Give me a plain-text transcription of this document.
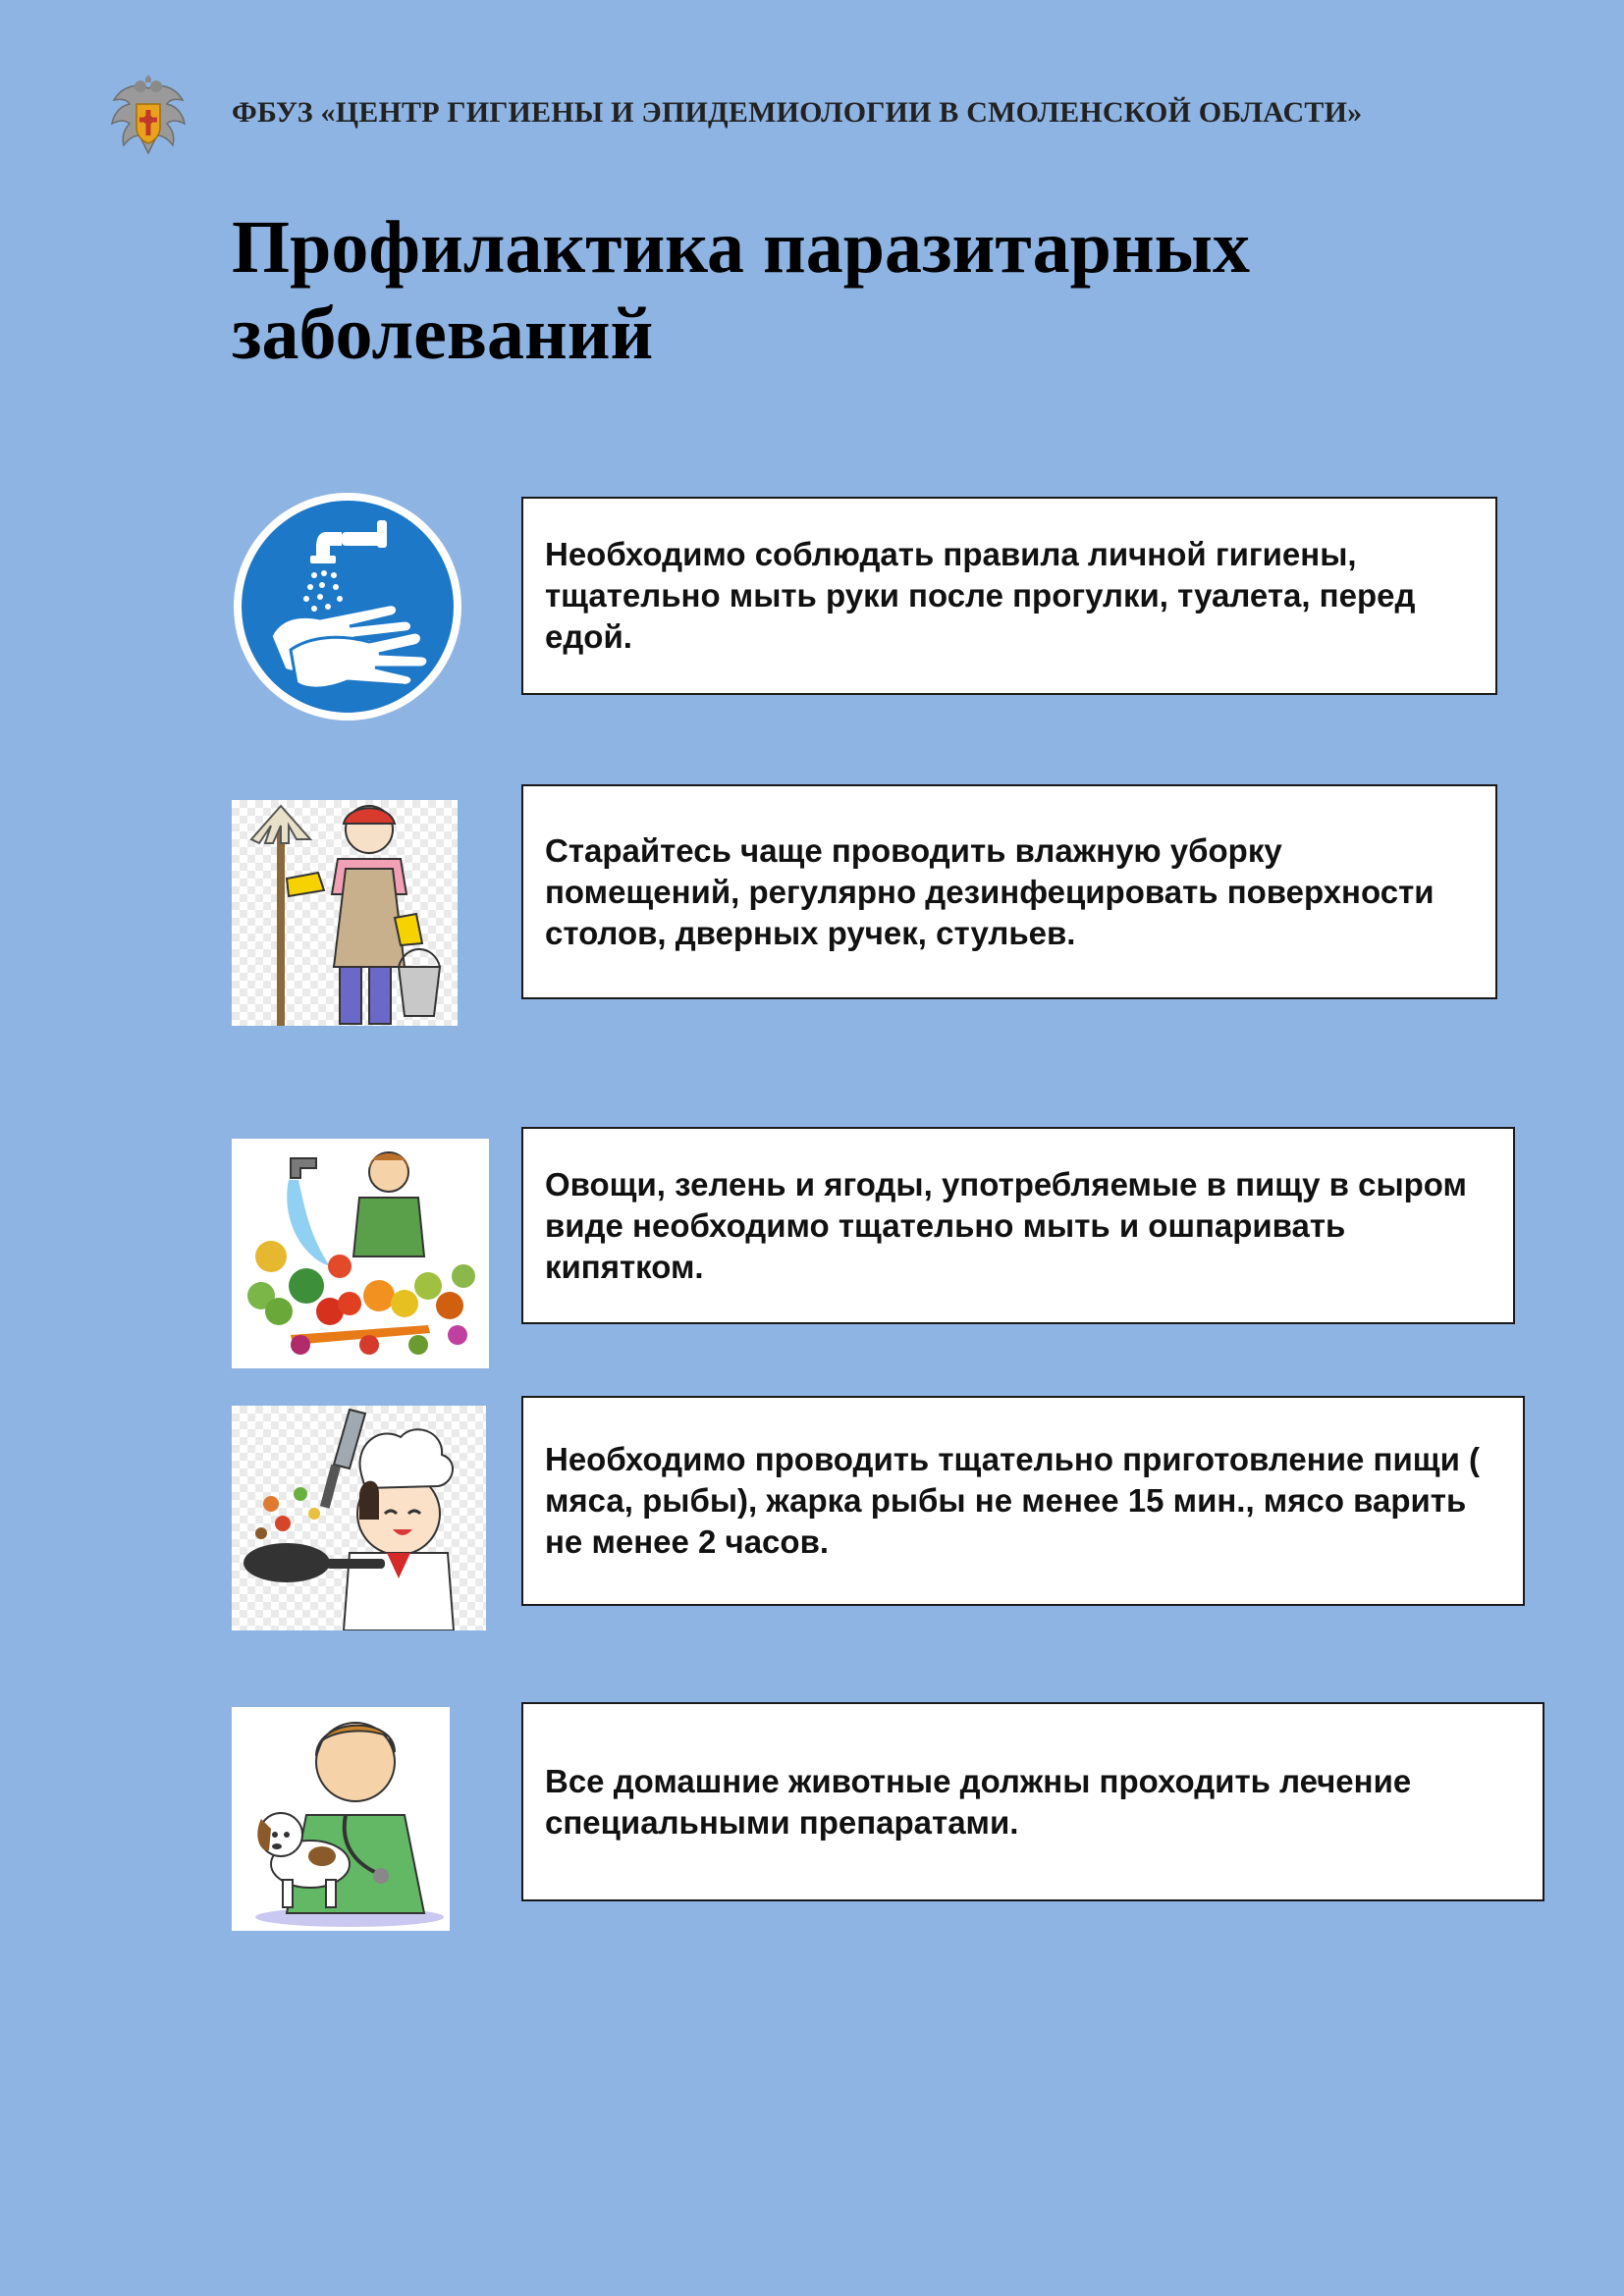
ФБУЗ «ЦЕНТР ГИГИЕНЫ И ЭПИДЕМИОЛОГИИ В СМОЛЕНСКОЙ ОБЛАСТИ»
Профилактика паразитарных
заболеваний

Необходимо соблюдать правила личной гигиены, тщательно мыть руки после прогулки, туалета, перед едой.

Старайтесь чаще проводить влажную уборку помещений, регулярно дезинфецировать поверхности столов, дверных ручек, стульев.

Овощи, зелень и ягоды, употребляемые в пищу в сыром виде необходимо тщательно мыть и ошпаривать кипятком.

Необходимо проводить тщательно приготовление пищи ( мяса, рыбы), жарка рыбы не менее 15 мин., мясо варить не менее 2 часов.

Все домашние животные должны проходить лечение специальными препаратами.
